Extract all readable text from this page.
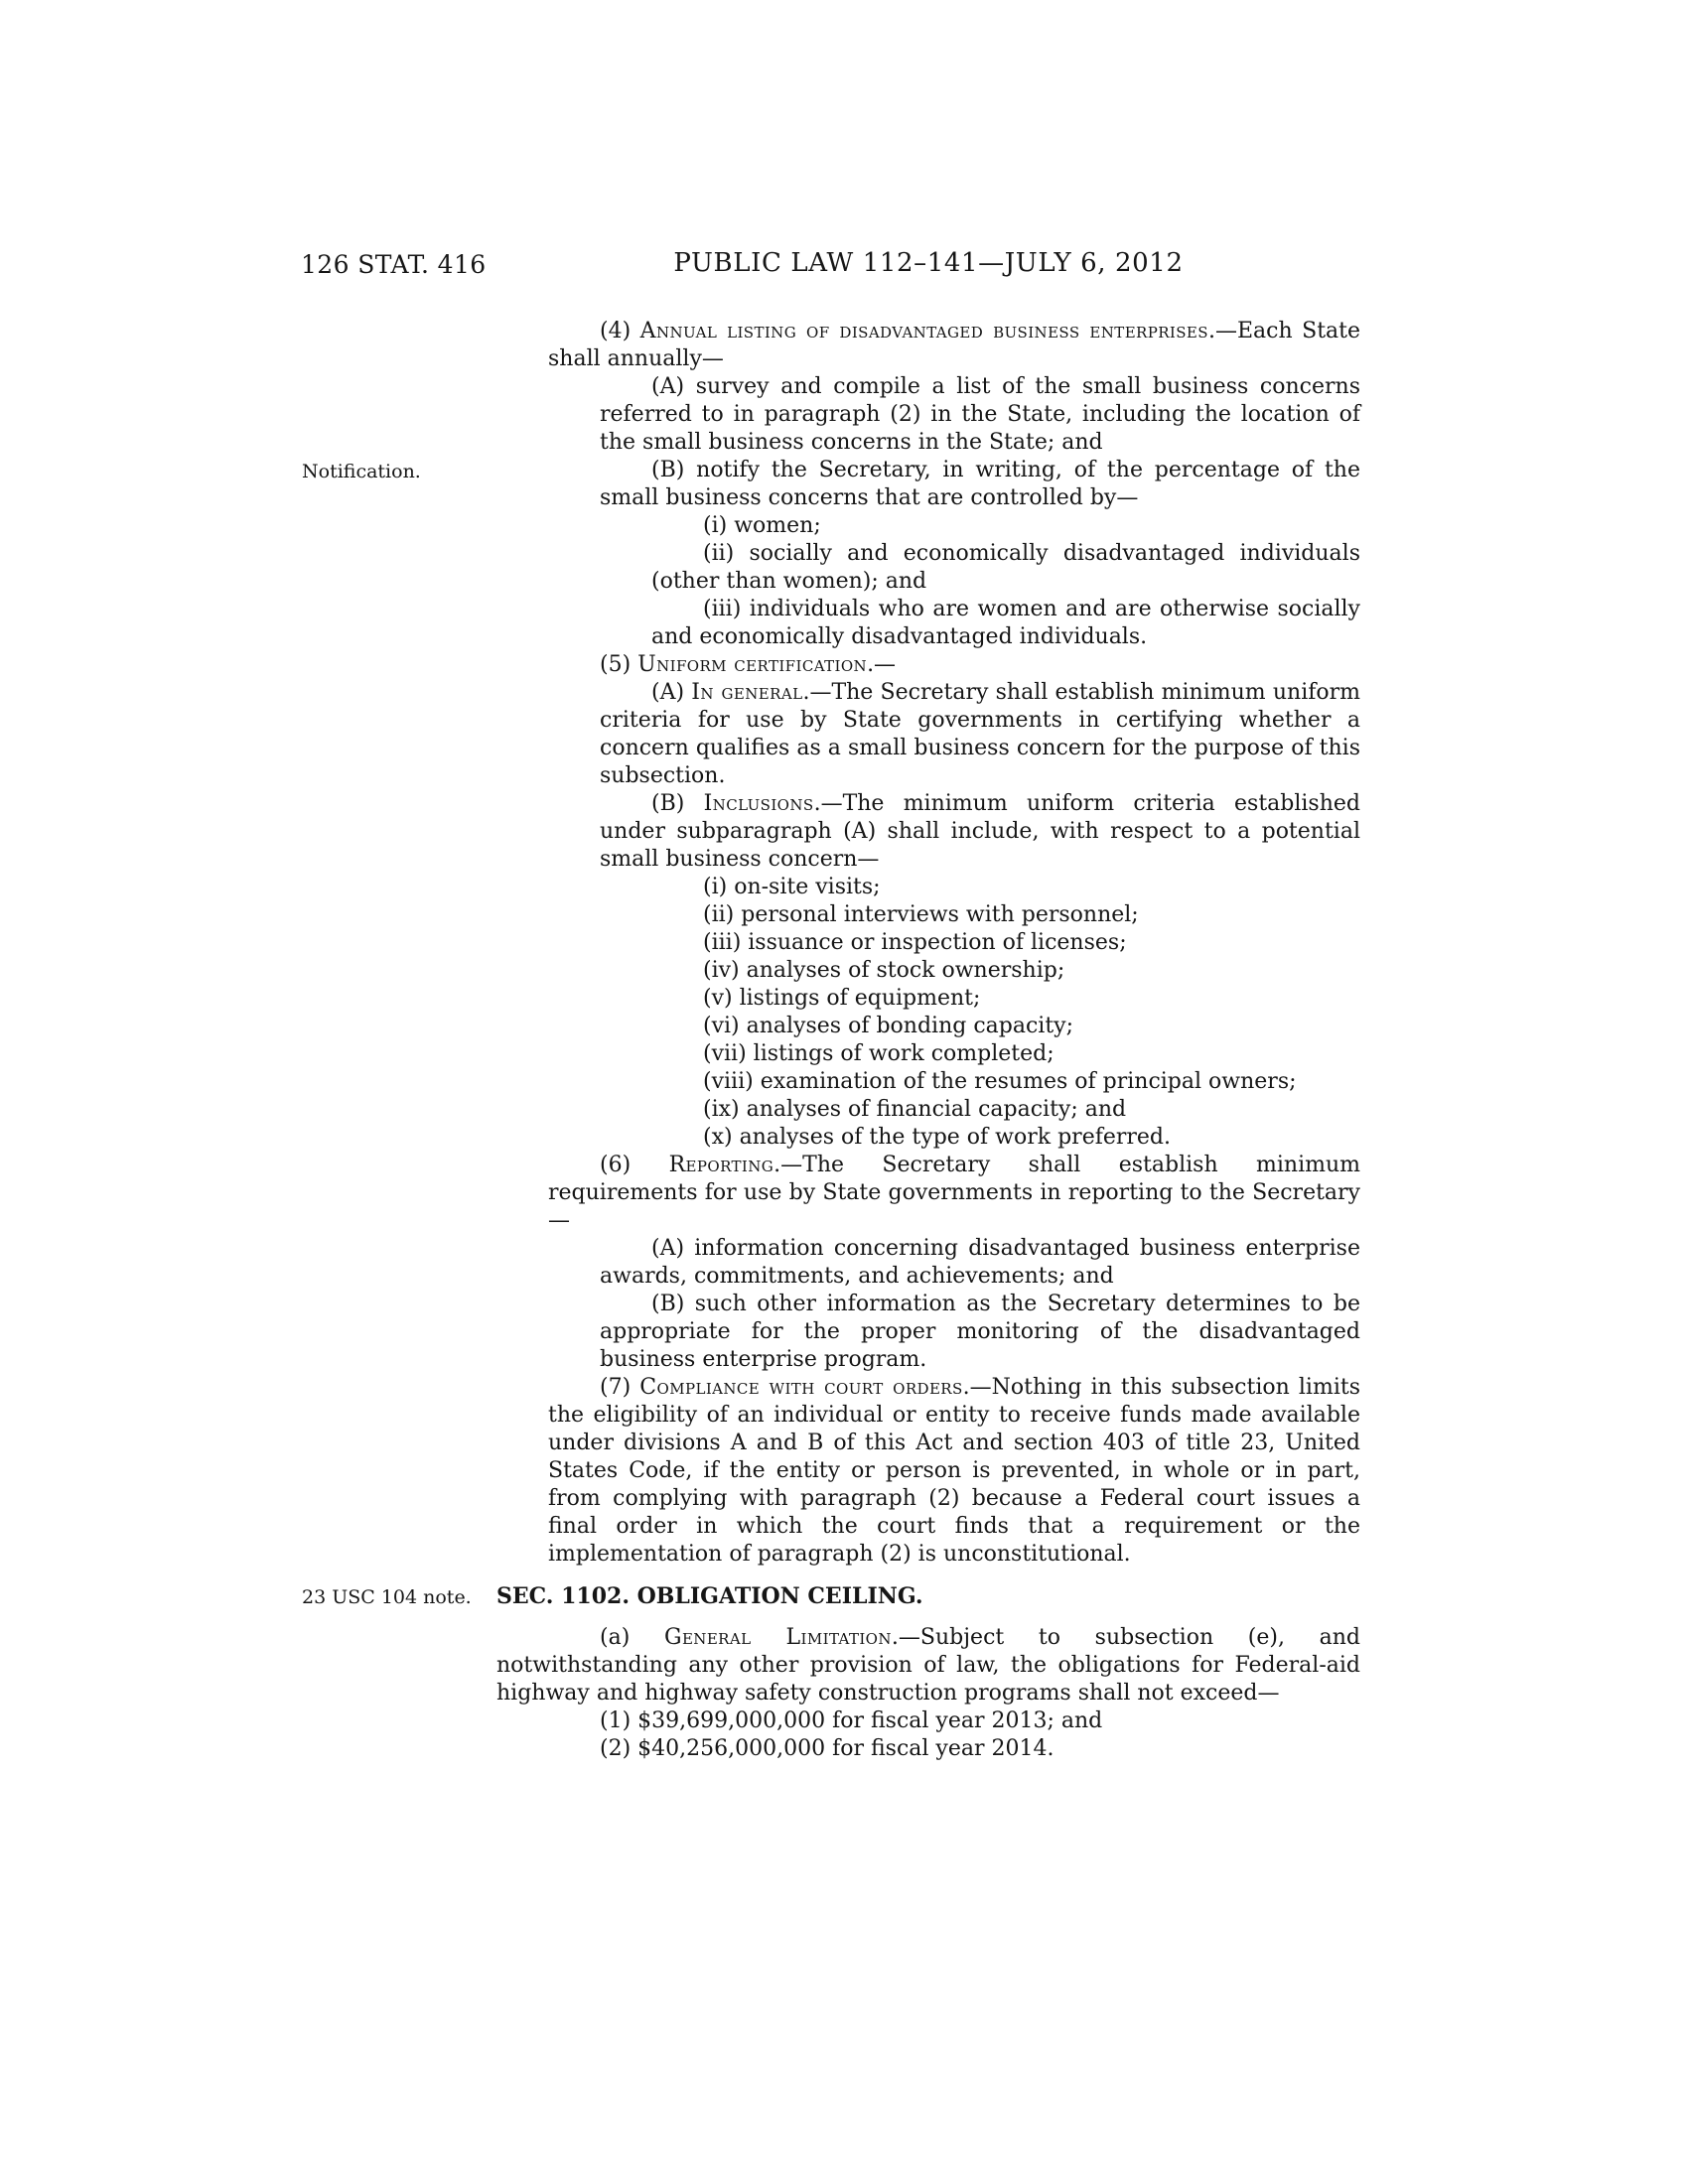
126 STAT. 416	PUBLIC LAW 112–141—JULY 6, 2012
(4) Annual listing of disadvantaged business enterprises.—Each State shall annually—
(A) survey and compile a list of the small business concerns referred to in paragraph (2) in the State, including the location of the small business concerns in the State; and
Notification.	(B) notify the Secretary, in writing, of the percentage of the small business concerns that are controlled by—
(i) women;
(ii) socially and economically disadvantaged individuals (other than women); and
(iii) individuals who are women and are otherwise socially and economically disadvantaged individuals.
(5) Uniform certification.—
(A) In general.—The Secretary shall establish minimum uniform criteria for use by State governments in certifying whether a concern qualifies as a small business concern for the purpose of this subsection.
(B) Inclusions.—The minimum uniform criteria established under subparagraph (A) shall include, with respect to a potential small business concern—
(i) on-site visits;
(ii) personal interviews with personnel;
(iii) issuance or inspection of licenses;
(iv) analyses of stock ownership;
(v) listings of equipment;
(vi) analyses of bonding capacity;
(vii) listings of work completed;
(viii) examination of the resumes of principal owners;
(ix) analyses of financial capacity; and
(x) analyses of the type of work preferred.
(6) Reporting.—The Secretary shall establish minimum requirements for use by State governments in reporting to the Secretary—
(A) information concerning disadvantaged business enterprise awards, commitments, and achievements; and
(B) such other information as the Secretary determines to be appropriate for the proper monitoring of the disadvantaged business enterprise program.
(7) Compliance with court orders.—Nothing in this subsection limits the eligibility of an individual or entity to receive funds made available under divisions A and B of this Act and section 403 of title 23, United States Code, if the entity or person is prevented, in whole or in part, from complying with paragraph (2) because a Federal court issues a final order in which the court finds that a requirement or the implementation of paragraph (2) is unconstitutional.
23 USC 104 note.	SEC. 1102. OBLIGATION CEILING.
(a) General Limitation.—Subject to subsection (e), and notwithstanding any other provision of law, the obligations for Federal-aid highway and highway safety construction programs shall not exceed—
(1) $39,699,000,000 for fiscal year 2013; and
(2) $40,256,000,000 for fiscal year 2014.
